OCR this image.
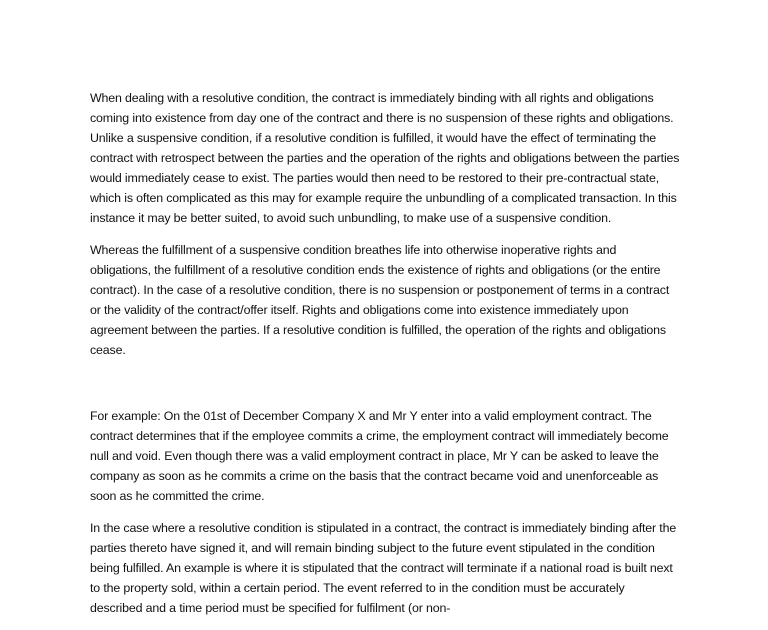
When dealing with a resolutive condition, the contract is immediately binding with all rights and obligations coming into existence from day one of the contract and there is no suspension of these rights and obligations. Unlike a suspensive condition, if a resolutive condition is fulfilled, it would have the effect of terminating the contract with retrospect between the parties and the operation of the rights and obligations between the parties would immediately cease to exist. The parties would then need to be restored to their pre-contractual state, which is often complicated as this may for example require the unbundling of a complicated transaction. In this instance it may be better suited, to avoid such unbundling, to make use of a suspensive condition.

Whereas the fulfillment of a suspensive condition breathes life into otherwise inoperative rights and obligations, the fulfillment of a resolutive condition ends the existence of rights and obligations (or the entire contract). In the case of a resolutive condition, there is no suspension or postponement of terms in a contract or the validity of the contract/offer itself. Rights and obligations come into existence immediately upon agreement between the parties. If a resolutive condition is fulfilled, the operation of the rights and obligations cease.

For example: On the 01st of December Company X and Mr Y enter into a valid employment contract. The contract determines that if the employee commits a crime, the employment contract will immediately become null and void. Even though there was a valid employment contract in place, Mr Y can be asked to leave the company as soon as he commits a crime on the basis that the contract became void and unenforceable as soon as he committed the crime.

In the case where a resolutive condition is stipulated in a contract, the contract is immediately binding after the parties thereto have signed it, and will remain binding subject to the future event stipulated in the condition being fulfilled. An example is where it is stipulated that the contract will terminate if a national road is built next to the property sold, within a certain period. The event referred to in the condition must be accurately described and a time period must be specified for fulfilment (or non-
